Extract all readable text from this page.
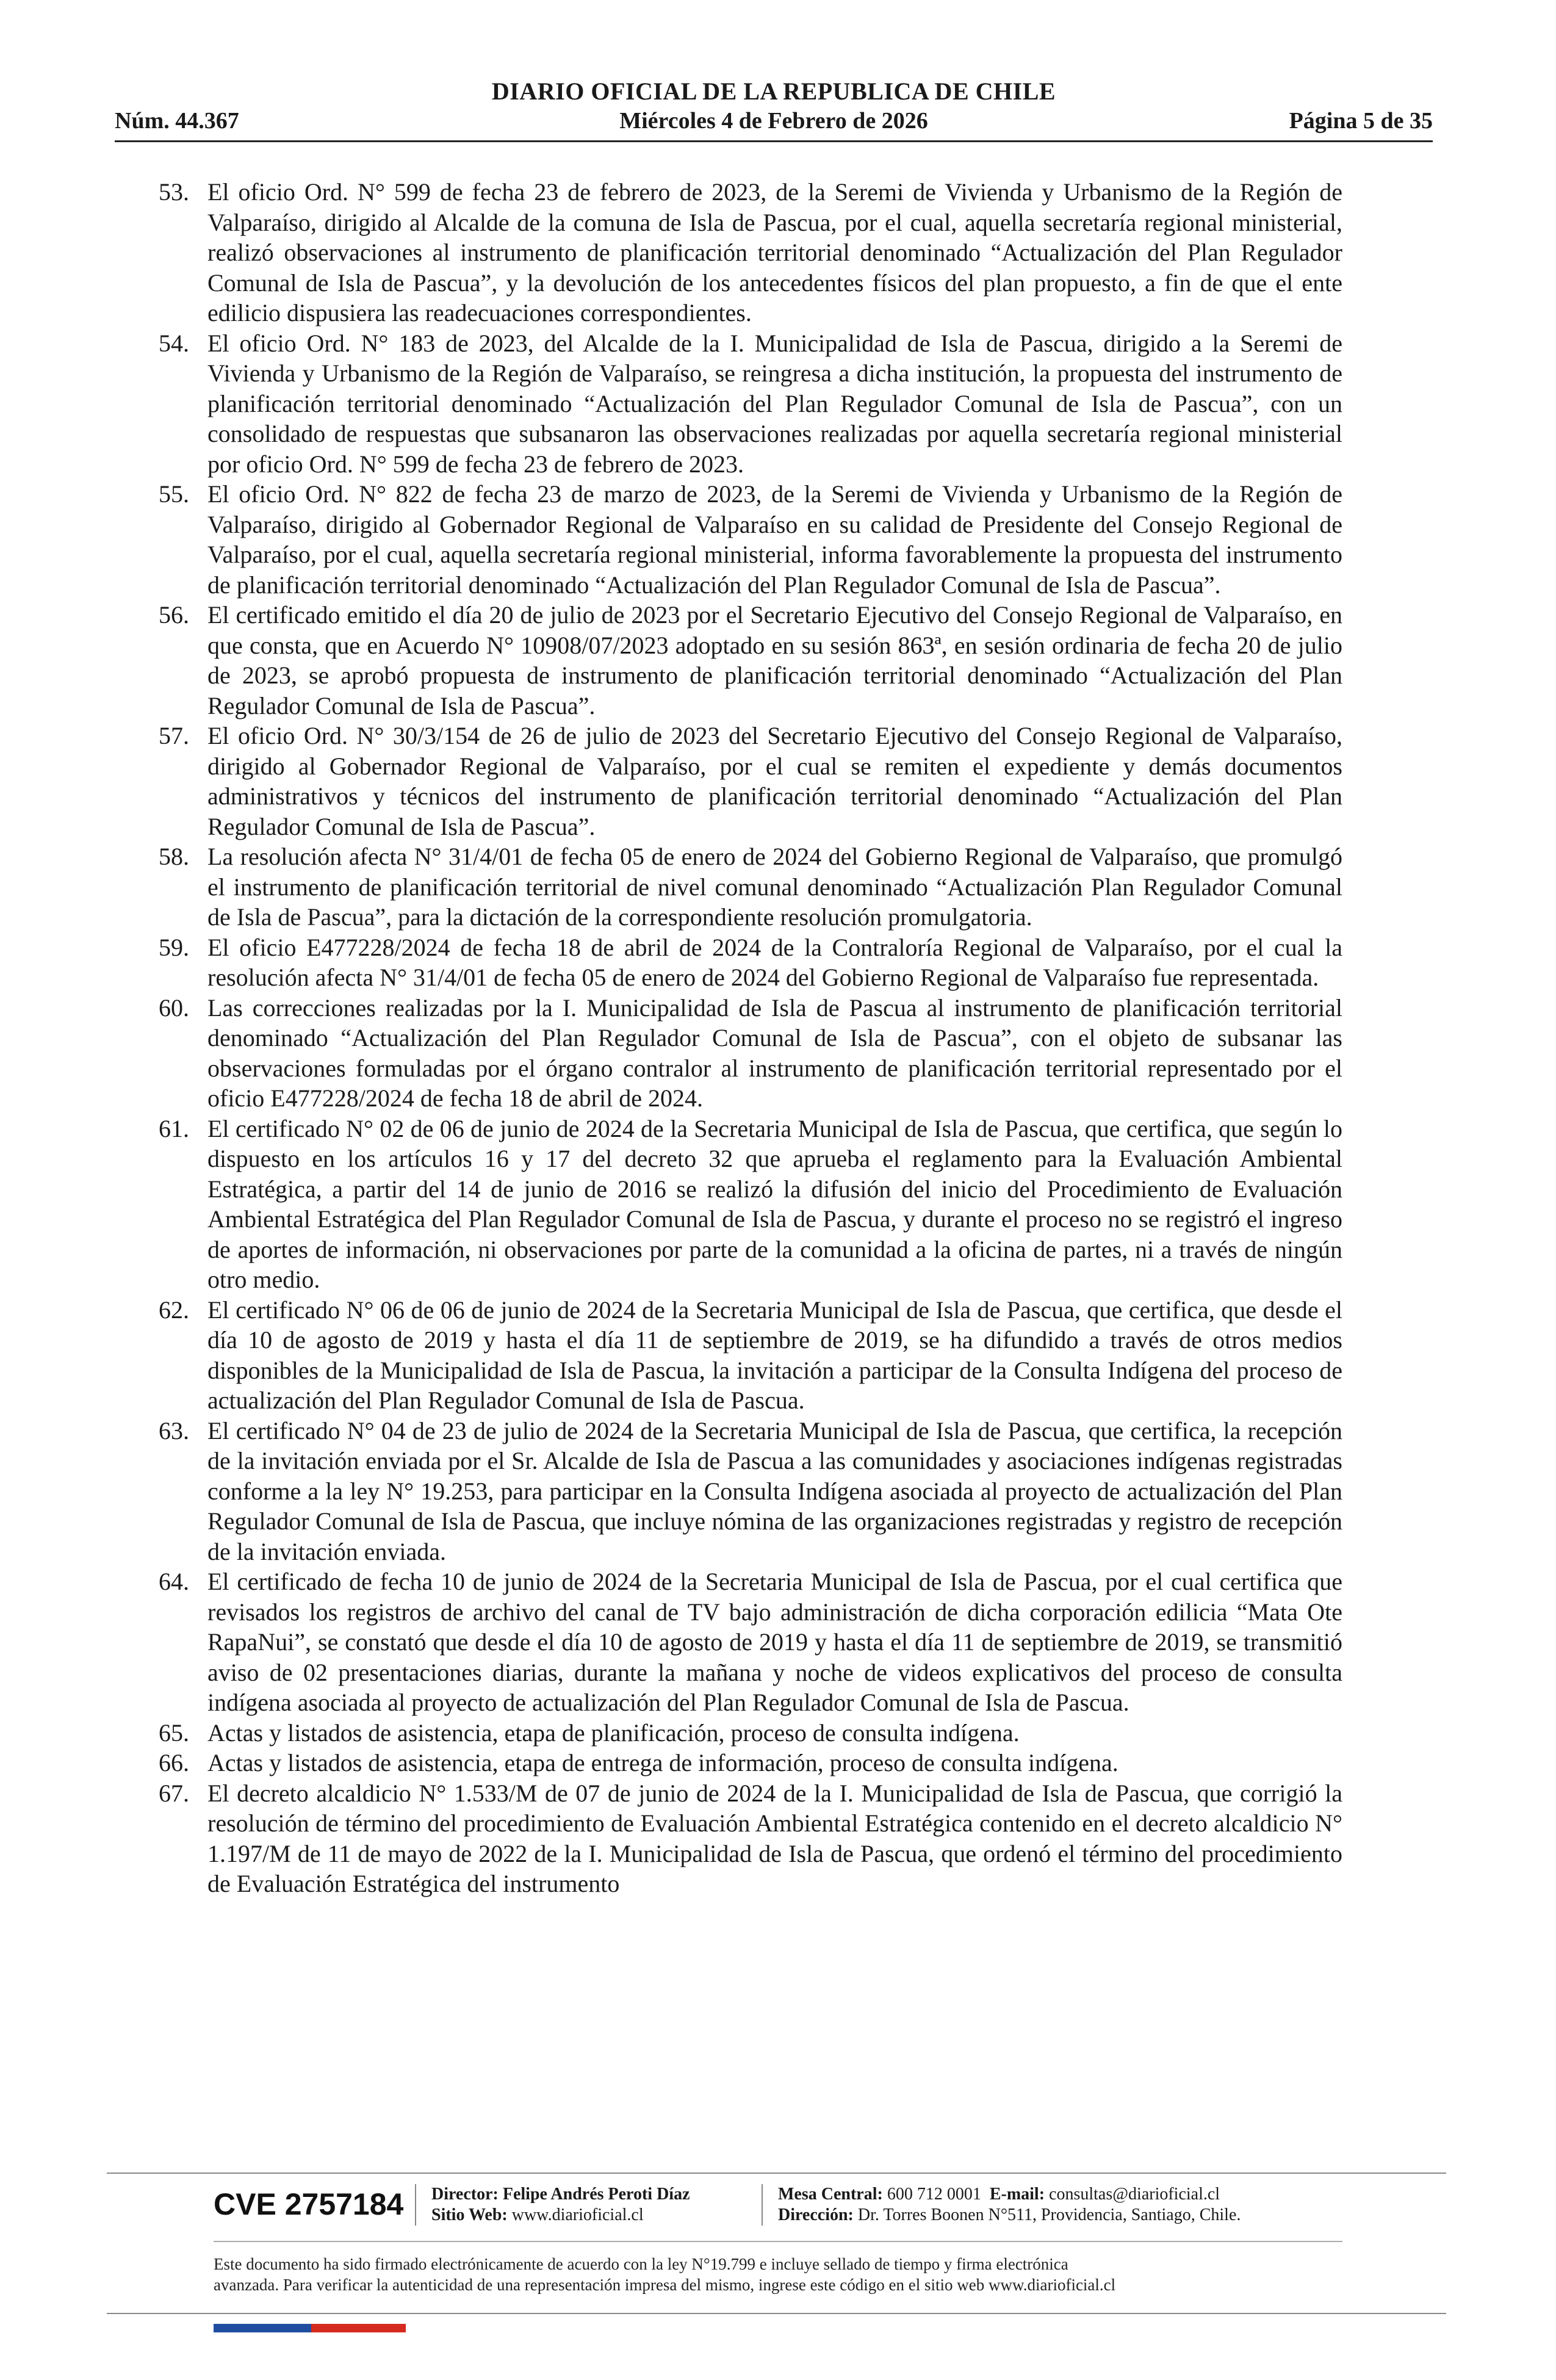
DIARIO OFICIAL DE LA REPUBLICA DE CHILE
Núm. 44.367	Miércoles 4 de Febrero de 2026	Página 5 de 35
53. El oficio Ord. N° 599 de fecha 23 de febrero de 2023, de la Seremi de Vivienda y Urbanismo de la Región de Valparaíso, dirigido al Alcalde de la comuna de Isla de Pascua, por el cual, aquella secretaría regional ministerial, realizó observaciones al instrumento de planificación territorial denominado “Actualización del Plan Regulador Comunal de Isla de Pascua”, y la devolución de los antecedentes físicos del plan propuesto, a fin de que el ente edilicio dispusiera las readecuaciones correspondientes.
54. El oficio Ord. N° 183 de 2023, del Alcalde de la I. Municipalidad de Isla de Pascua, dirigido a la Seremi de Vivienda y Urbanismo de la Región de Valparaíso, se reingresa a dicha institución, la propuesta del instrumento de planificación territorial denominado “Actualización del Plan Regulador Comunal de Isla de Pascua”, con un consolidado de respuestas que subsanaron las observaciones realizadas por aquella secretaría regional ministerial por oficio Ord. N° 599 de fecha 23 de febrero de 2023.
55. El oficio Ord. N° 822 de fecha 23 de marzo de 2023, de la Seremi de Vivienda y Urbanismo de la Región de Valparaíso, dirigido al Gobernador Regional de Valparaíso en su calidad de Presidente del Consejo Regional de Valparaíso, por el cual, aquella secretaría regional ministerial, informa favorablemente la propuesta del instrumento de planificación territorial denominado “Actualización del Plan Regulador Comunal de Isla de Pascua”.
56. El certificado emitido el día 20 de julio de 2023 por el Secretario Ejecutivo del Consejo Regional de Valparaíso, en que consta, que en Acuerdo N° 10908/07/2023 adoptado en su sesión 863ª, en sesión ordinaria de fecha 20 de julio de 2023, se aprobó propuesta de instrumento de planificación territorial denominado “Actualización del Plan Regulador Comunal de Isla de Pascua”.
57. El oficio Ord. N° 30/3/154 de 26 de julio de 2023 del Secretario Ejecutivo del Consejo Regional de Valparaíso, dirigido al Gobernador Regional de Valparaíso, por el cual se remiten el expediente y demás documentos administrativos y técnicos del instrumento de planificación territorial denominado “Actualización del Plan Regulador Comunal de Isla de Pascua”.
58. La resolución afecta N° 31/4/01 de fecha 05 de enero de 2024 del Gobierno Regional de Valparaíso, que promulgó el instrumento de planificación territorial de nivel comunal denominado “Actualización Plan Regulador Comunal de Isla de Pascua”, para la dictación de la correspondiente resolución promulgatoria.
59. El oficio E477228/2024 de fecha 18 de abril de 2024 de la Contraloría Regional de Valparaíso, por el cual la resolución afecta N° 31/4/01 de fecha 05 de enero de 2024 del Gobierno Regional de Valparaíso fue representada.
60. Las correcciones realizadas por la I. Municipalidad de Isla de Pascua al instrumento de planificación territorial denominado “Actualización del Plan Regulador Comunal de Isla de Pascua”, con el objeto de subsanar las observaciones formuladas por el órgano contralor al instrumento de planificación territorial representado por el oficio E477228/2024 de fecha 18 de abril de 2024.
61. El certificado N° 02 de 06 de junio de 2024 de la Secretaria Municipal de Isla de Pascua, que certifica, que según lo dispuesto en los artículos 16 y 17 del decreto 32 que aprueba el reglamento para la Evaluación Ambiental Estratégica, a partir del 14 de junio de 2016 se realizó la difusión del inicio del Procedimiento de Evaluación Ambiental Estratégica del Plan Regulador Comunal de Isla de Pascua, y durante el proceso no se registró el ingreso de aportes de información, ni observaciones por parte de la comunidad a la oficina de partes, ni a través de ningún otro medio.
62. El certificado N° 06 de 06 de junio de 2024 de la Secretaria Municipal de Isla de Pascua, que certifica, que desde el día 10 de agosto de 2019 y hasta el día 11 de septiembre de 2019, se ha difundido a través de otros medios disponibles de la Municipalidad de Isla de Pascua, la invitación a participar de la Consulta Indígena del proceso de actualización del Plan Regulador Comunal de Isla de Pascua.
63. El certificado N° 04 de 23 de julio de 2024 de la Secretaria Municipal de Isla de Pascua, que certifica, la recepción de la invitación enviada por el Sr. Alcalde de Isla de Pascua a las comunidades y asociaciones indígenas registradas conforme a la ley N° 19.253, para participar en la Consulta Indígena asociada al proyecto de actualización del Plan Regulador Comunal de Isla de Pascua, que incluye nómina de las organizaciones registradas y registro de recepción de la invitación enviada.
64. El certificado de fecha 10 de junio de 2024 de la Secretaria Municipal de Isla de Pascua, por el cual certifica que revisados los registros de archivo del canal de TV bajo administración de dicha corporación edilicia “Mata Ote RapaNui”, se constató que desde el día 10 de agosto de 2019 y hasta el día 11 de septiembre de 2019, se transmitió aviso de 02 presentaciones diarias, durante la mañana y noche de videos explicativos del proceso de consulta indígena asociada al proyecto de actualización del Plan Regulador Comunal de Isla de Pascua.
65. Actas y listados de asistencia, etapa de planificación, proceso de consulta indígena.
66. Actas y listados de asistencia, etapa de entrega de información, proceso de consulta indígena.
67. El decreto alcaldicio N° 1.533/M de 07 de junio de 2024 de la I. Municipalidad de Isla de Pascua, que corrigió la resolución de término del procedimiento de Evaluación Ambiental Estratégica contenido en el decreto alcaldicio N° 1.197/M de 11 de mayo de 2022 de la I. Municipalidad de Isla de Pascua, que ordenó el término del procedimiento de Evaluación Estratégica del instrumento
CVE 2757184 Director: Felipe Andrés Peroti Díaz
Sitio Web: www.diarioficial.cl
Mesa Central: 600 712 0001 E-mail: consultas@diarioficial.cl
Dirección: Dr. Torres Boonen N°511, Providencia, Santiago, Chile.
Este documento ha sido firmado electrónicamente de acuerdo con la ley N°19.799 e incluye sellado de tiempo y firma electrónica
avanzada. Para verificar la autenticidad de una representación impresa del mismo, ingrese este código en el sitio web www.diarioficial.cl
